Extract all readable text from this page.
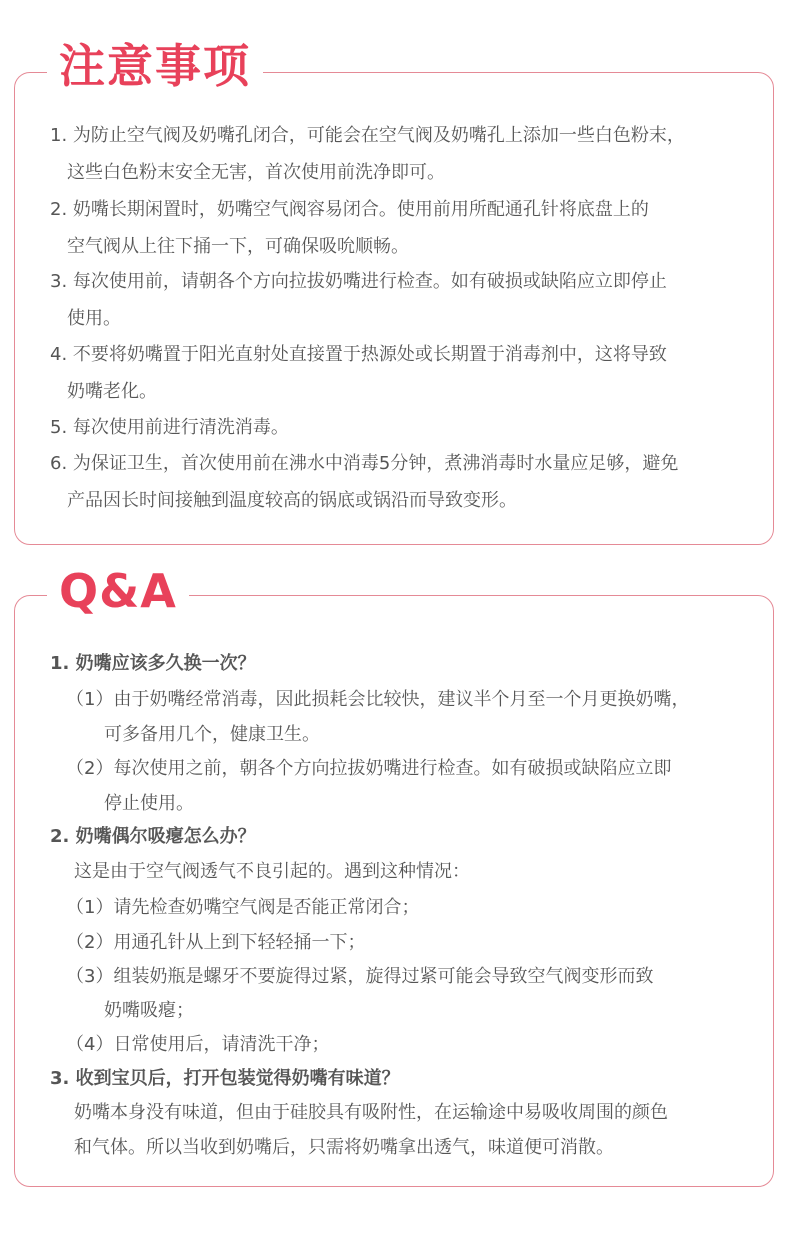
注意事项
Q&A
1. 为防止空气阀及奶嘴孔闭合，可能会在空气阀及奶嘴孔上添加一些白色粉末，
这些白色粉末安全无害，首次使用前洗净即可。
2. 奶嘴长期闲置时，奶嘴空气阀容易闭合。使用前用所配通孔针将底盘上的
空气阀从上往下捅一下，可确保吸吮顺畅。
3. 每次使用前，请朝各个方向拉拔奶嘴进行检查。如有破损或缺陷应立即停止
使用。
4. 不要将奶嘴置于阳光直射处直接置于热源处或长期置于消毒剂中，这将导致
奶嘴老化。
5. 每次使用前进行清洗消毒。
6. 为保证卫生，首次使用前在沸水中消毒5分钟，煮沸消毒时水量应足够，避免
产品因长时间接触到温度较高的锅底或锅沿而导致变形。
1. 奶嘴应该多久换一次？
（1）由于奶嘴经常消毒，因此损耗会比较快，建议半个月至一个月更换奶嘴，
可多备用几个，健康卫生。
（2）每次使用之前，朝各个方向拉拔奶嘴进行检查。如有破损或缺陷应立即
停止使用。
2. 奶嘴偶尔吸瘪怎么办？
这是由于空气阀透气不良引起的。遇到这种情况：
（1）请先检查奶嘴空气阀是否能正常闭合；
（2）用通孔针从上到下轻轻捅一下；
（3）组装奶瓶是螺牙不要旋得过紧，旋得过紧可能会导致空气阀变形而致
奶嘴吸瘪；
（4）日常使用后，请清洗干净；
3. 收到宝贝后，打开包装觉得奶嘴有味道？
奶嘴本身没有味道，但由于硅胶具有吸附性，在运输途中易吸收周围的颜色
和气体。所以当收到奶嘴后，只需将奶嘴拿出透气，味道便可消散。
